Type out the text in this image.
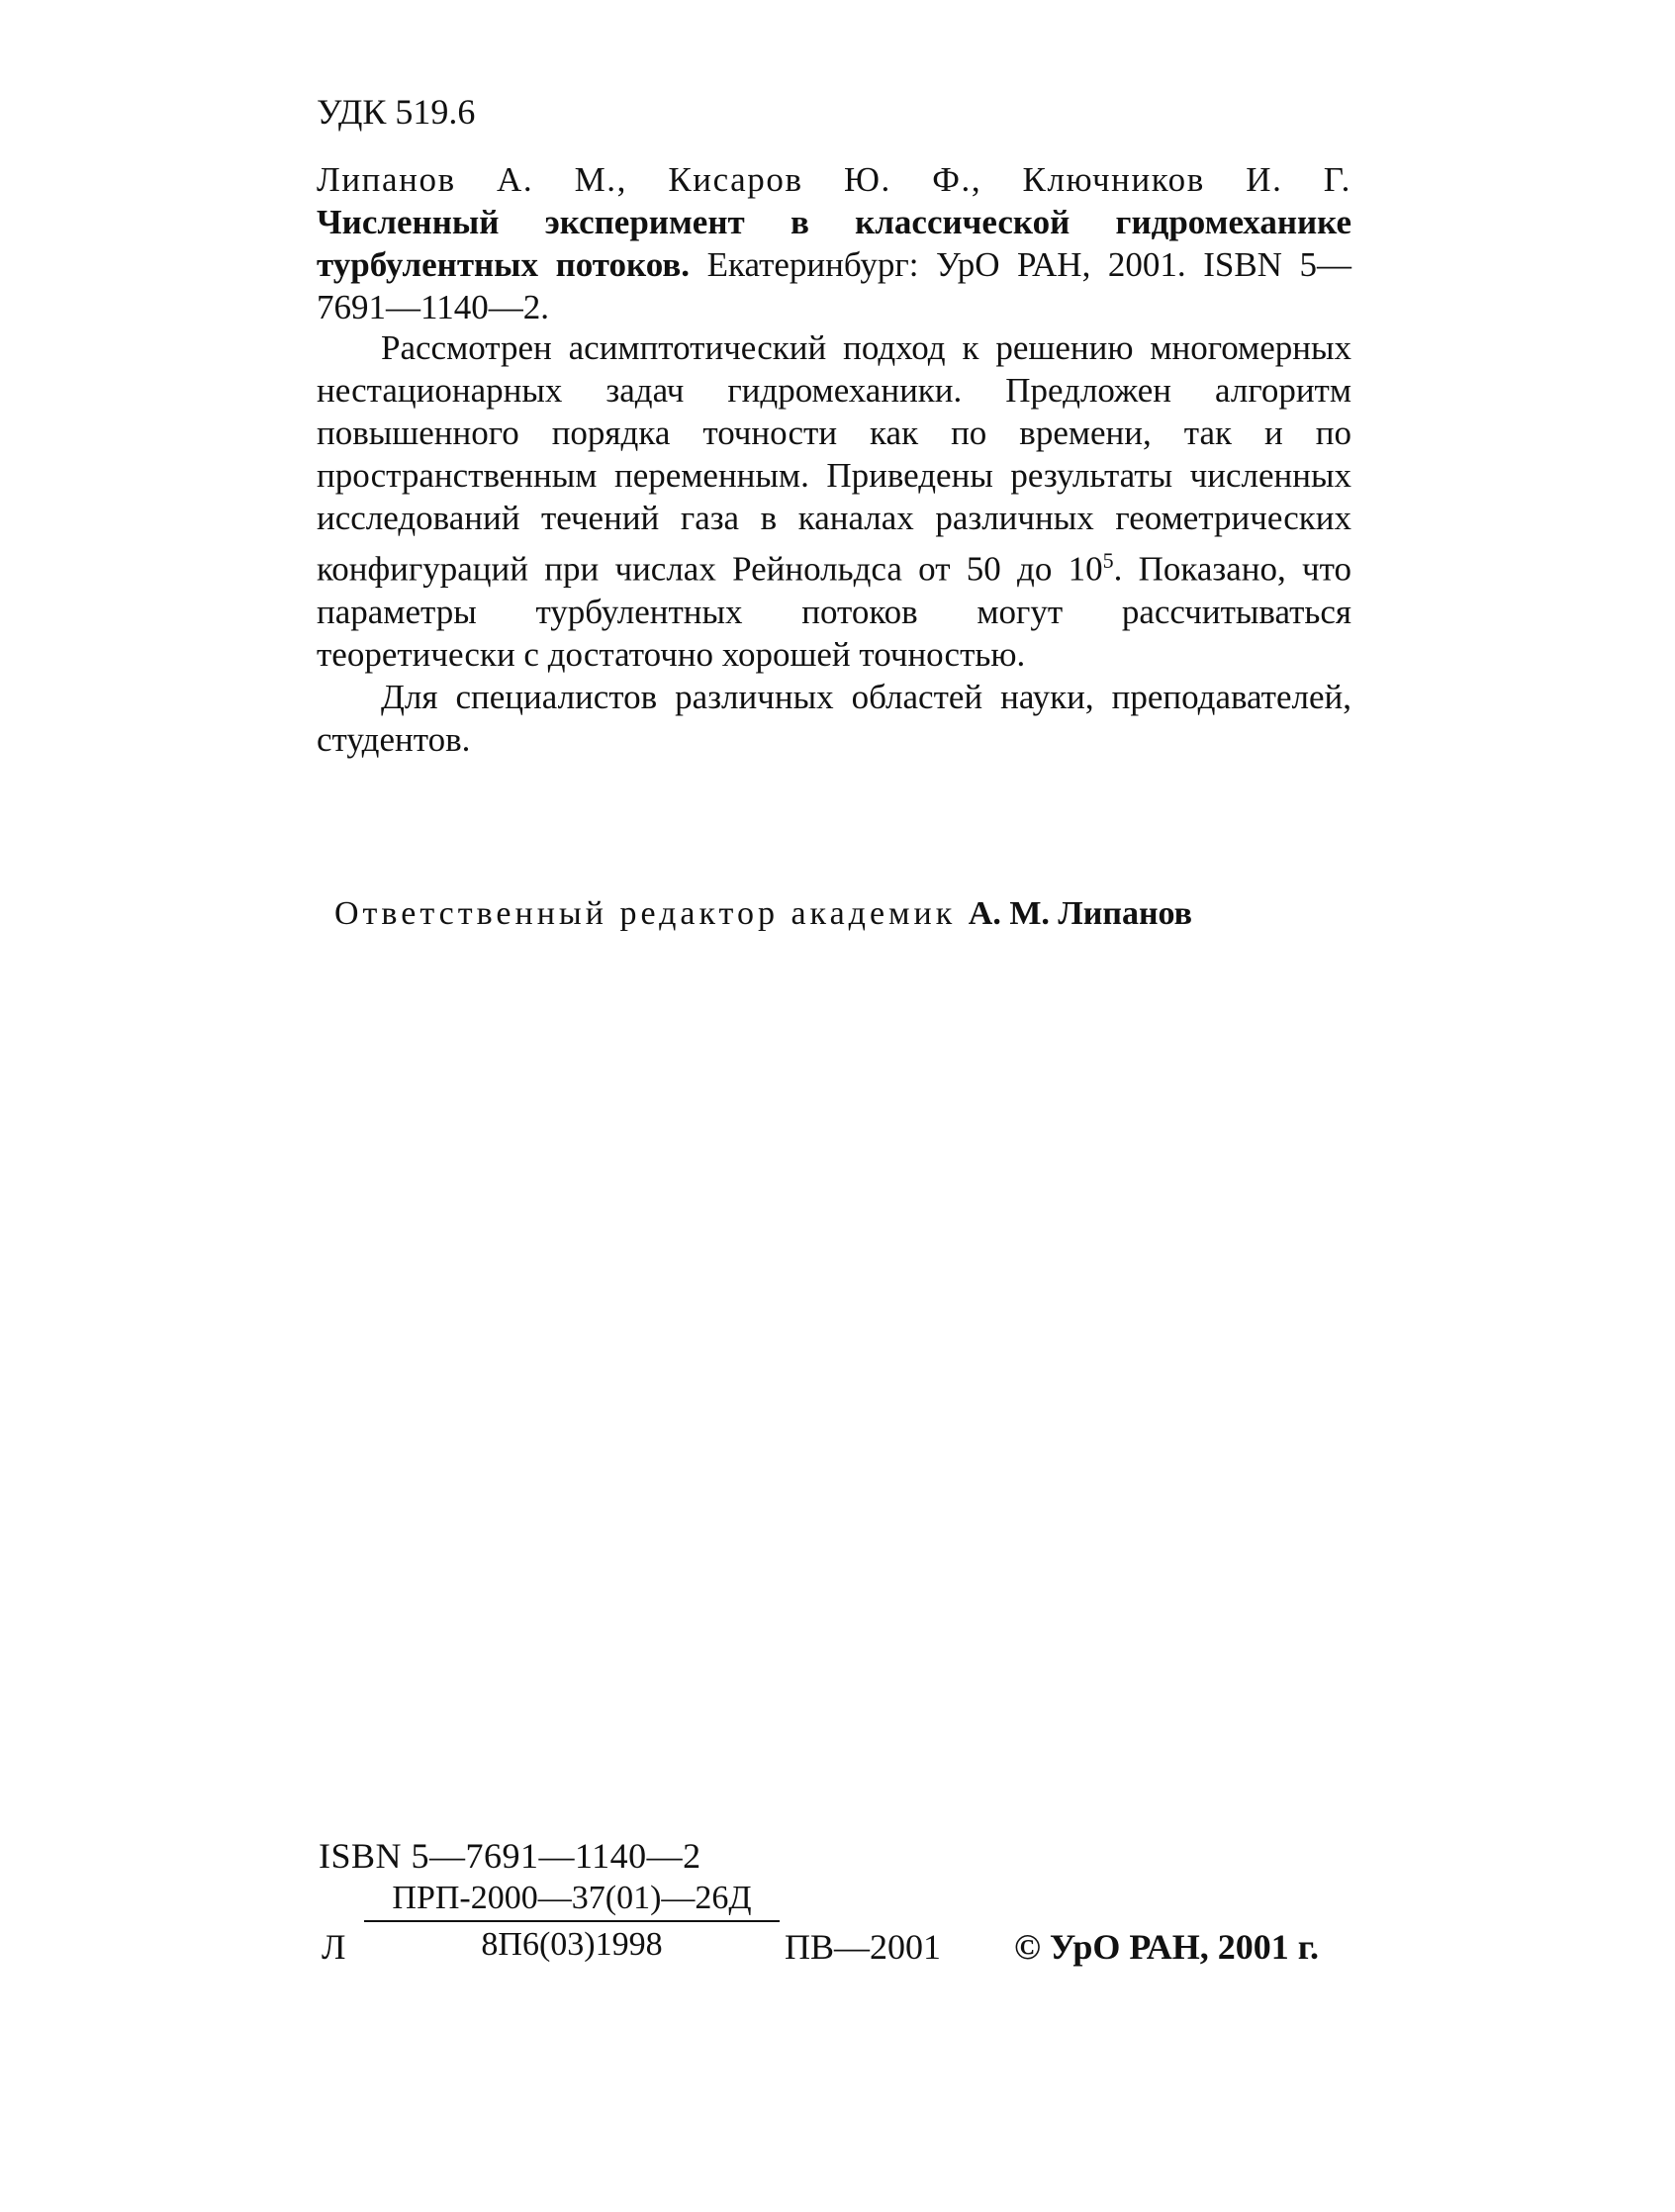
УДК 519.6
Липанов А. М., Кисаров Ю. Ф., Ключников И. Г.
Численный эксперимент в классической гидромеханике турбулентных потоков. Екатеринбург: УрО РАН, 2001. ISBN 5—7691—1140—2.

Рассмотрен асимптотический подход к решению многомерных нестационарных задач гидромеханики. Предложен алгоритм повышенного порядка точности как по времени, так и по пространственным переменным. Приведены результаты численных исследований течений газа в каналах различных геометрических конфигураций при числах Рейнольдса от 50 до $10^5$. Показано, что параметры турбулентных потоков могут рассчитываться теоретически с достаточно хорошей точностью.

Для специалистов различных областей науки, преподавателей, студентов.

Ответственный редактор академик А. М. Липанов
ISBN 5—7691—1140—2
Л
ПРП-2000—37(01)—26Д
8П6(03)1998	ПВ—2001 © УрО РАН, 2001 г.
